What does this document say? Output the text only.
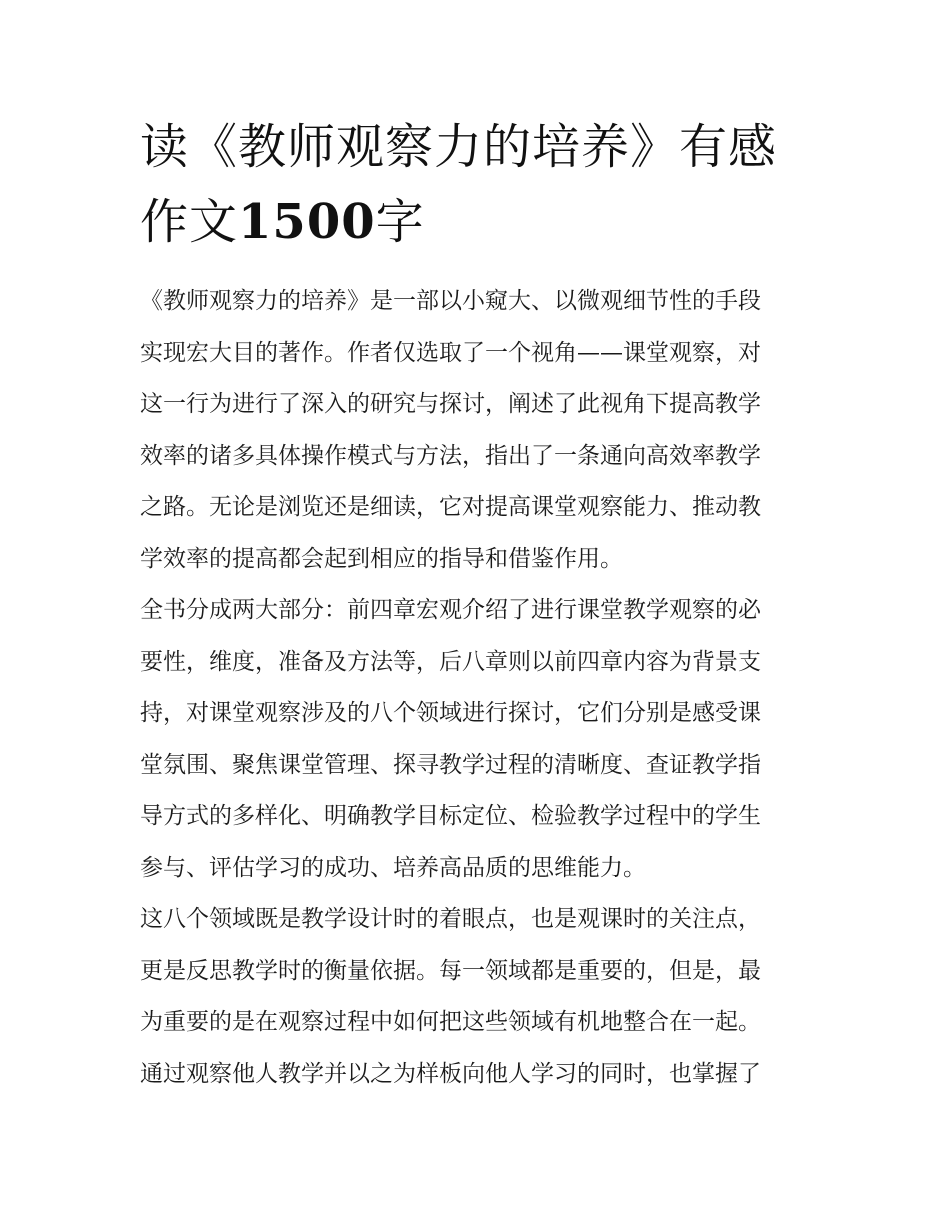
读《教师观察力的培养》有感
作文1500字

《教师观察力的培养》是一部以小窥大、以微观细节性的手段
实现宏大目的著作。作者仅选取了一个视角——课堂观察，对
这一行为进行了深入的研究与探讨，阐述了此视角下提高教学
效率的诸多具体操作模式与方法，指出了一条通向高效率教学
之路。无论是浏览还是细读，它对提高课堂观察能力、推动教
学效率的提高都会起到相应的指导和借鉴作用。

全书分成两大部分：前四章宏观介绍了进行课堂教学观察的必
要性，维度，准备及方法等，后八章则以前四章内容为背景支
持，对课堂观察涉及的八个领域进行探讨，它们分别是感受课
堂氛围、聚焦课堂管理、探寻教学过程的清晰度、查证教学指
导方式的多样化、明确教学目标定位、检验教学过程中的学生
参与、评估学习的成功、培养高品质的思维能力。

这八个领域既是教学设计时的着眼点，也是观课时的关注点，
更是反思教学时的衡量依据。每一领域都是重要的，但是，最
为重要的是在观察过程中如何把这些领域有机地整合在一起。
通过观察他人教学并以之为样板向他人学习的同时，也掌握了
